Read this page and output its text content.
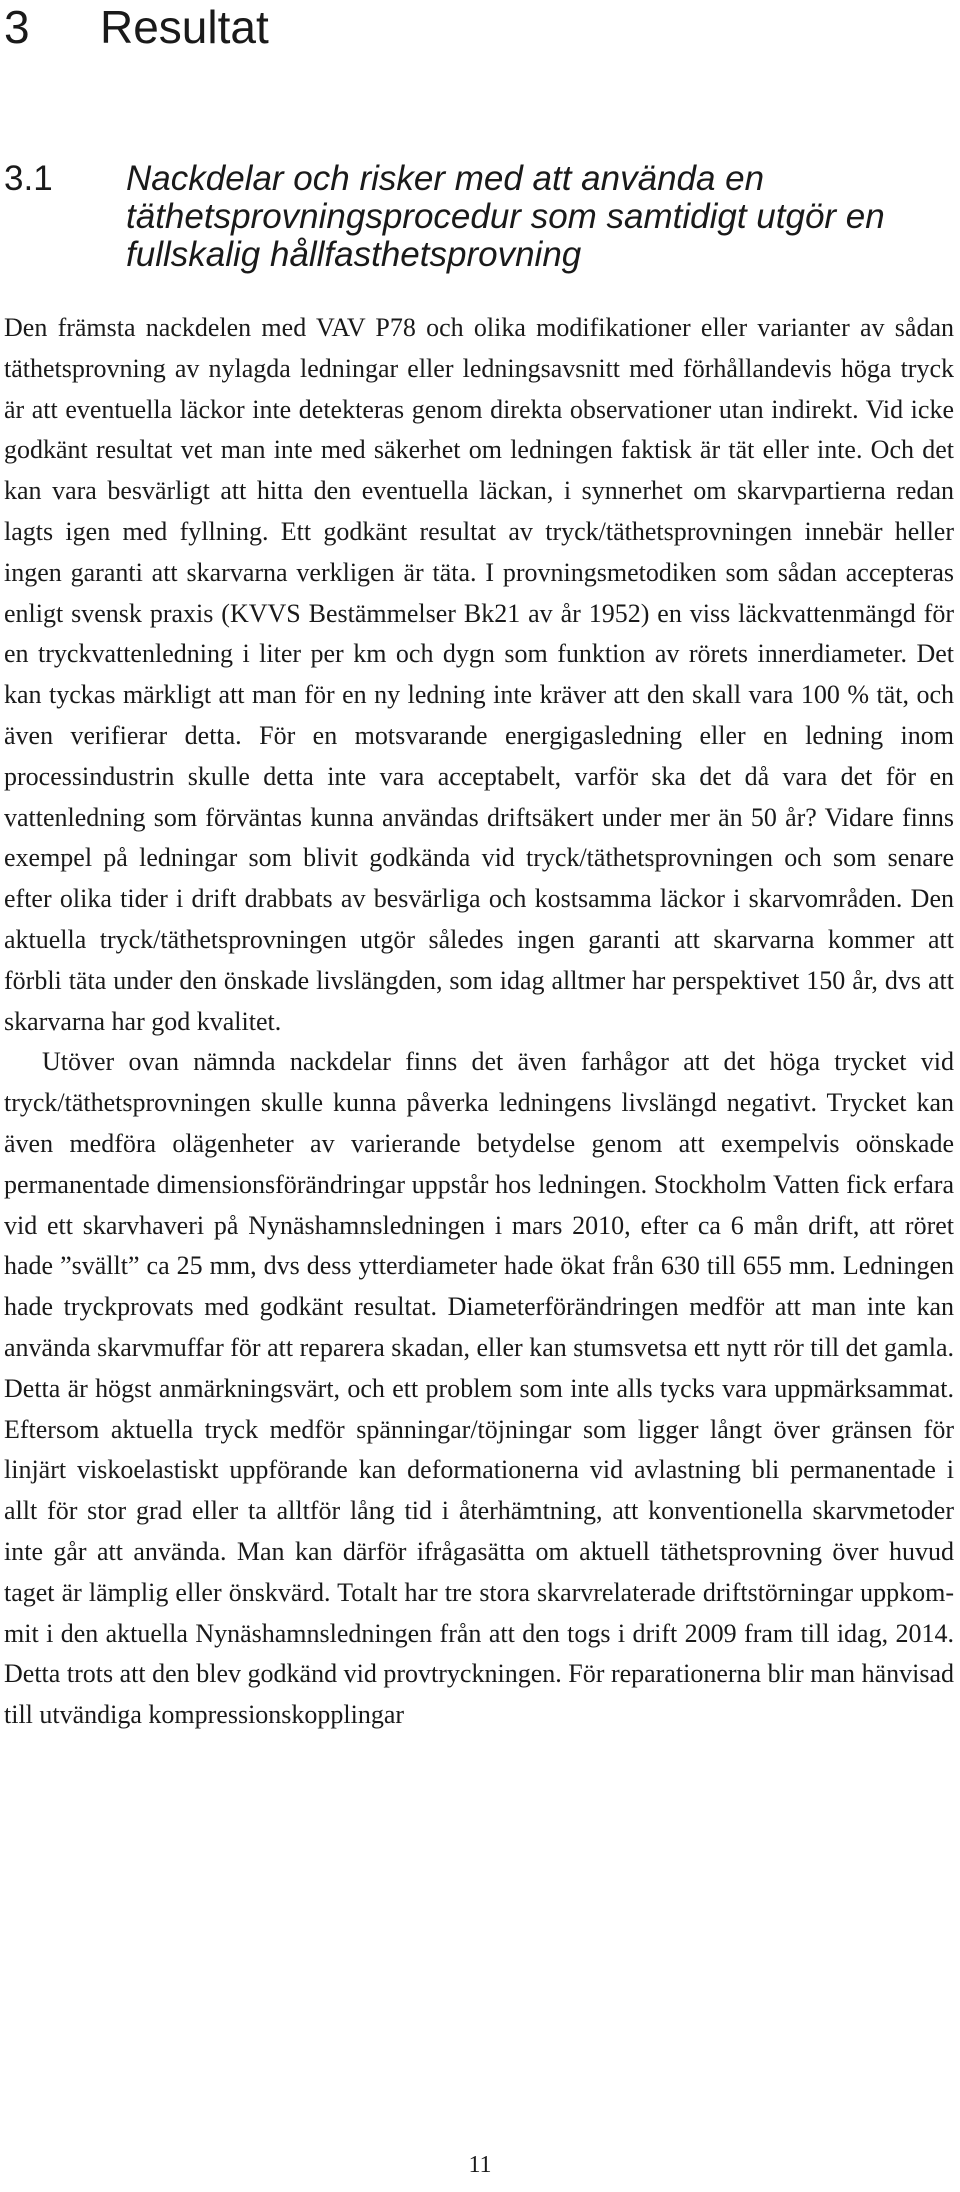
3 Resultat
3.1 Nackdelar och risker med att använda en täthetsprovningsprocedur som samtidigt utgör en fullskalig hållfasthetsprovning

Den främsta nackdelen med VAV P78 och olika modifikationer eller varianter av sådan täthetsprovning av nylagda ledningar eller ledningsavsnitt med förhållandevis höga tryck är att eventuella läckor inte detekteras genom direkta observationer utan indirekt. Vid icke godkänt resultat vet man inte med säkerhet om ledningen faktisk är tät eller inte. Och det kan vara besvärligt att hitta den eventuella läckan, i synnerhet om skarvpartierna redan lagts igen med fyllning. Ett godkänt resultat av tryck/täthetsprovningen innebär heller ingen garanti att skarvarna verkligen är täta. I provningsmetodiken som sådan accepteras enligt svensk praxis (KVVS Bestämmelser Bk21 av år 1952) en viss läckvattenmängd för en tryckvattenledning i liter per km och dygn som funktion av rörets innerdiameter. Det kan tyckas märkligt att man för en ny ledning inte kräver att den skall vara 100 % tät, och även verifierar detta. För en motsvarande energigasledning eller en ledning inom processindustrin skulle detta inte vara acceptabelt, varför ska det då vara det för en vattenledning som förväntas kunna användas driftsäkert under mer än 50 år? Vidare finns exempel på ledningar som blivit godkända vid tryck/täthetsprovningen och som senare efter olika tider i drift drabbats av besvärliga och kostsamma läckor i skarvområden. Den aktuella tryck/täthetsprovningen utgör således ingen garanti att skarvarna kommer att förbli täta under den önskade livslängden, som idag alltmer har perspektivet 150 år, dvs att skarvarna har god kvalitet.

Utöver ovan nämnda nackdelar finns det även farhågor att det höga trycket vid tryck/täthetsprovningen skulle kunna påverka ledningens livslängd negativt. Trycket kan även medföra olägenheter av varierande betydelse genom att exempelvis oönskade permanentade dimensionsförändringar uppstår hos ledningen. Stockholm Vatten fick erfara vid ett skarvhaveri på Nynäshamnsledningen i mars 2010, efter ca 6 mån drift, att röret hade ”svällt” ca 25 mm, dvs dess ytterdiameter hade ökat från 630 till 655 mm. Ledningen hade tryckprovats med godkänt resultat. Diameterförändringen medför att man inte kan använda skarvmuffar för att reparera skadan, eller kan stumsvetsa ett nytt rör till det gamla. Detta är högst anmärkningsvärt, och ett problem som inte alls tycks vara uppmärksammat. Eftersom aktuella tryck medför spänningar/töjningar som ligger långt över gränsen för linjärt viskoelastiskt uppförande kan deformationerna vid avlastning bli permanentade i allt för stor grad eller ta alltför lång tid i återhämtning, att konventionella skarvmetoder inte går att använda. Man kan därför ifrågasätta om aktuell täthetsprovning över huvud taget är lämplig eller önskvärd. Totalt har tre stora skarvrelaterade driftstörningar uppkommit i den aktuella Nynäshamnsledningen från att den togs i drift 2009 fram till idag, 2014. Detta trots att den blev godkänd vid provtryckningen. För reparationerna blir man hänvisad till utvändiga kompressionskopplingar

11
